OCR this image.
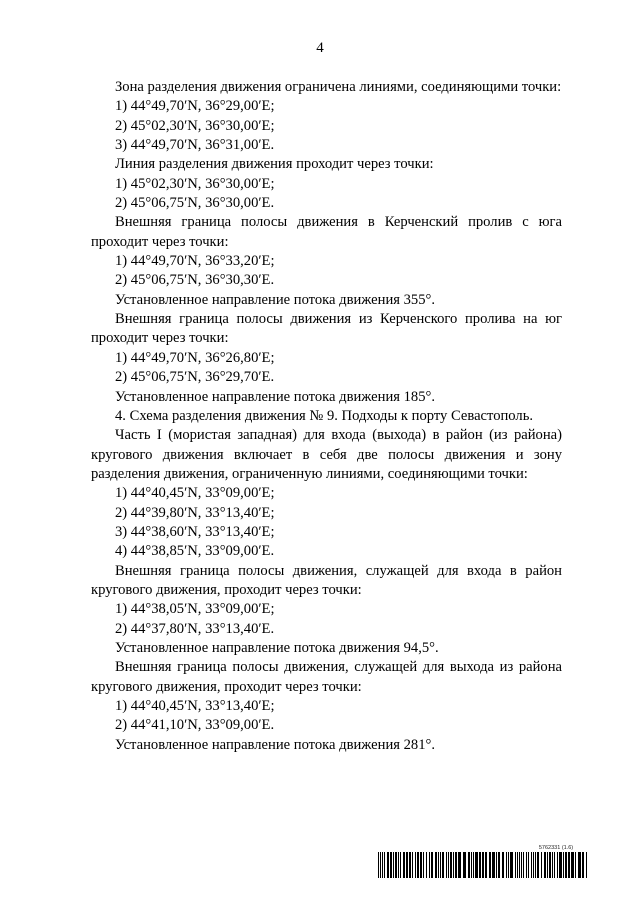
4

Зона разделения движения ограничена линиями, соединяющими точки:

1) 44°49,70′N, 36°29,00′E;

2) 45°02,30′N, 36°30,00′E;

3) 44°49,70′N, 36°31,00′E.

Линия разделения движения проходит через точки:

1) 45°02,30′N, 36°30,00′E;

2) 45°06,75′N, 36°30,00′E.

Внешняя граница полосы движения в Керченский пролив с юга проходит через точки:

1) 44°49,70′N, 36°33,20′E;

2) 45°06,75′N, 36°30,30′E.

Установленное направление потока движения 355°.

Внешняя граница полосы движения из Керченского пролива на юг проходит через точки:

1) 44°49,70′N, 36°26,80′E;

2) 45°06,75′N, 36°29,70′E.

Установленное направление потока движения 185°.

4. Схема разделения движения № 9. Подходы к порту Севастополь.

Часть I (мористая западная) для входа (выхода) в район (из района) кругового движения включает в себя две полосы движения и зону разделения движения, ограниченную линиями, соединяющими точки:

1) 44°40,45′N, 33°09,00′E;

2) 44°39,80′N, 33°13,40′E;

3) 44°38,60′N, 33°13,40′E;

4) 44°38,85′N, 33°09,00′E.

Внешняя граница полосы движения, служащей для входа в район кругового движения, проходит через точки:

1) 44°38,05′N, 33°09,00′E;

2) 44°37,80′N, 33°13,40′E.

Установленное направление потока движения 94,5°.

Внешняя граница полосы движения, служащей для выхода из района кругового движения, проходит через точки:

1) 44°40,45′N, 33°13,40′E;

2) 44°41,10′N, 33°09,00′E.

Установленное направление потока движения 281°.

5762331 (1.6)
